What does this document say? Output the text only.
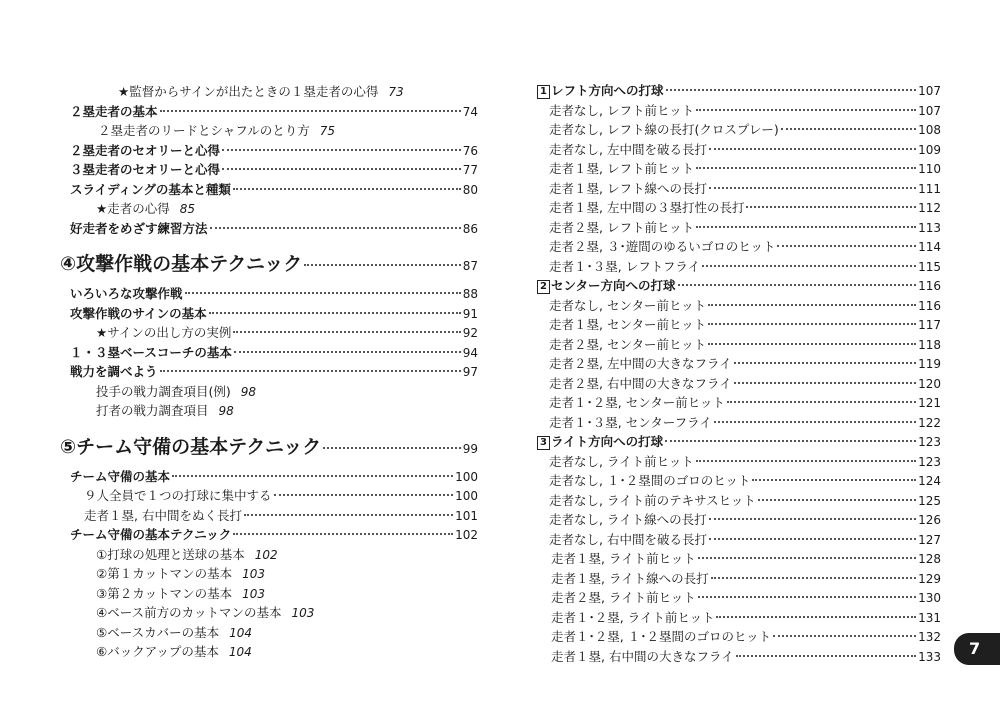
★監督からサインが出たときの１塁走者の心得 73
２塁走者の基本	74
２塁走者のリードとシャフルのとり方 75
２塁走者のセオリーと心得	76
３塁走者のセオリーと心得	77
スライディングの基本と種類	80
★走者の心得 85
好走者をめざす練習方法	86
④攻撃作戦の基本テクニック	87
いろいろな攻撃作戦	88
攻撃作戦のサインの基本	91
★サインの出し方の実例	92
１・３塁ベースコーチの基本	94
戦力を調べよう	97
投手の戦力調査項目(例) 98
打者の戦力調査項目 98
⑤チーム守備の基本テクニック	99
チーム守備の基本	100
９人全員で１つの打球に集中する	100
走者１塁, 右中間をぬく長打	101
チーム守備の基本テクニック	102
①打球の処理と送球の基本 102
②第１カットマンの基本 103
③第２カットマンの基本 103
④ベース前方のカットマンの基本 103
⑤ベースカバーの基本 104
⑥バックアップの基本 104
1 レフト方向への打球	107
走者なし, レフト前ヒット	107
走者なし, レフト線の長打(クロスプレー)	108
走者なし, 左中間を破る長打	109
走者１塁, レフト前ヒット	110
走者１塁, レフト線への長打	111
走者１塁, 左中間の３塁打性の長打	112
走者２塁, レフト前ヒット	113
走者２塁, ３･遊間のゆるいゴロのヒット	114
走者１･３塁, レフトフライ	115
2 センター方向への打球	116
走者なし, センター前ヒット	116
走者１塁, センター前ヒット	117
走者２塁, センター前ヒット	118
走者２塁, 左中間の大きなフライ	119
走者２塁, 右中間の大きなフライ	120
走者１･２塁, センター前ヒット	121
走者１･３塁, センターフライ	122
3 ライト方向への打球	123
走者なし, ライト前ヒット	123
走者なし, １･２塁間のゴロのヒット	124
走者なし, ライト前のテキサスヒット	125
走者なし, ライト線への長打	126
走者なし, 右中間を破る長打	127
走者１塁, ライト前ヒット	128
走者１塁, ライト線への長打	129
走者２塁, ライト前ヒット	130
走者１･２塁, ライト前ヒット	131
走者１･２塁, １･２塁間のゴロのヒット	132
走者１塁, 右中間の大きなフライ	133	7
